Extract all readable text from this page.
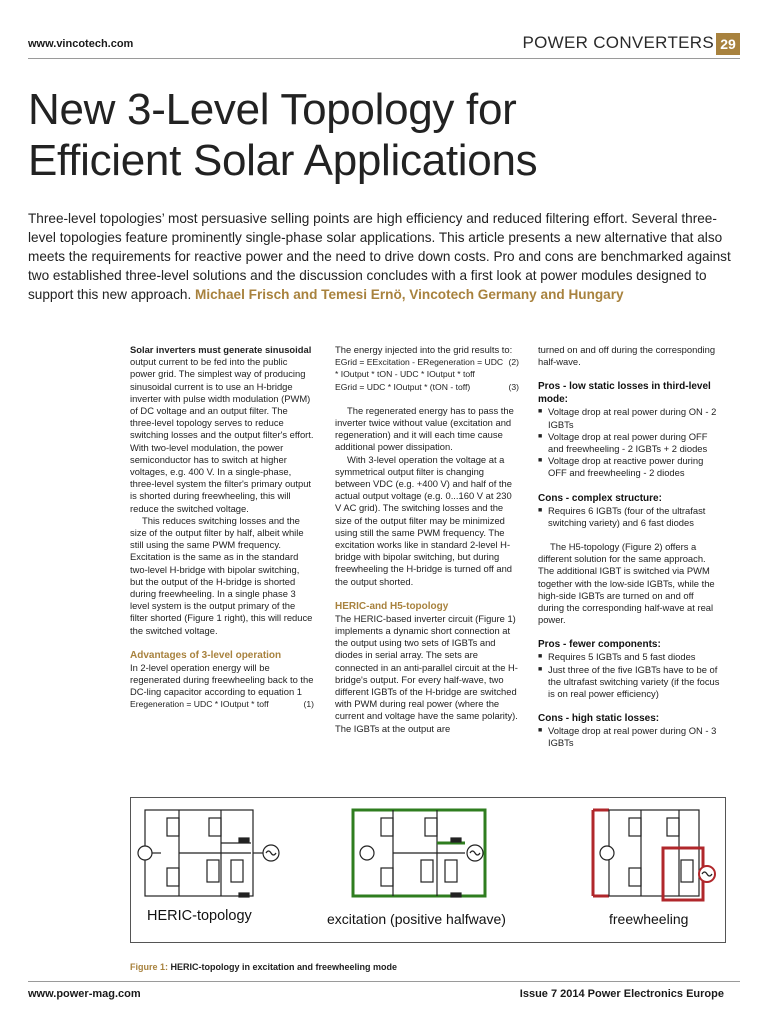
www.vincotech.com	POWER CONVERTERS 29
New 3-Level Topology for
Efficient Solar Applications

Three-level topologies’ most persuasive selling points are high efficiency and reduced filtering effort. Several three-level topologies feature prominently single-phase solar applications. This article presents a new alternative that also meets the requirements for reactive power and the need to drive down costs. Pro and cons are benchmarked against two established three-level solutions and the discussion concludes with a first look at power modules designed to support this new approach. Michael Frisch and Temesi Ernö, Vincotech Germany and Hungary

Solar inverters must generate sinusoidal output current to be fed into the public power grid. The simplest way of producing sinusoidal current is to use an H-bridge inverter with pulse width modulation (PWM) of DC voltage and an output filter. The three-level topology serves to reduce switching losses and the output filter's effort. With two-level modulation, the power semiconductor has to switch at higher voltages, e.g. 400 V. In a single-phase, three-level system the filter's primary output is shorted during freewheeling, this will reduce the switched voltage.

This reduces switching losses and the size of the output filter by half, albeit while still using the same PWM frequency. Excitation is the same as in the standard two-level H-bridge with bipolar switching, but the output of the H-bridge is shorted during freewheeling. In a single phase 3 level system is the output primary of the filter shorted (Figure 1 right), this will reduce the switched voltage.

Advantages of 3-level operation

In 2-level operation energy will be regenerated during freewheeling back to the DC-ling capacitor according to equation 1

Eregeneration = UDC * IOutput * toff	(1)

The energy injected into the grid results to:

EGrid = EExcitation - ERegeneration = UDC * IOutput * tON - UDC * IOutput * toff
(2)
EGrid = UDC * IOutput * (tON - toff)	(3)

The regenerated energy has to pass the inverter twice without value (excitation and regeneration) and it will each time cause additional power dissipation.

With 3-level operation the voltage at a symmetrical output filter is changing between VDC (e.g. +400 V) and half of the actual output voltage (e.g. 0...160 V at 230 V AC grid). The switching losses and the size of the output filter may be minimized using still the same PWM frequency. The excitation works like in standard 2-level H-bridge with bipolar switching, but during freewheeling the H-bridge is turned off and the output shorted.

HERIC-and H5-topology

The HERIC-based inverter circuit (Figure 1) implements a dynamic short connection at the output using two sets of IGBTs and diodes in serial array. The sets are connected in an anti-parallel circuit at the H-bridge's output. For every half-wave, two different IGBTs of the H-bridge are switched with PWM during real power (where the current and voltage have the same polarity). The IGBTs at the output are

turned on and off during the corresponding half-wave.

Pros - low static losses in third-level mode:
■ Voltage drop at real power during ON - 2 IGBTs
■ Voltage drop at real power during OFF and freewheeling - 2 IGBTs + 2 diodes
■ Voltage drop at reactive power during OFF and freewheeling - 2 diodes
Cons - complex structure:
■ Requires 6 IGBTs (four of the ultrafast switching variety) and 6 fast diodes

The H5-topology (Figure 2) offers a different solution for the same approach. The additional IGBT is switched via PWM together with the low-side IGBTs, while the high-side IGBTs are turned on and off during the corresponding half-wave at real power.

Pros - fewer components:
■ Requires 5 IGBTs and 5 fast diodes
■ Just three of the five IGBTs have to be of the ultrafast switching variety (if the focus is on real power efficiency)
Cons - high static losses:
■ Voltage drop at real power during ON - 3 IGBTs
HERIC-topology	excitation (positive halfwave)	freewheeling
Figure 1: HERIC-topology in excitation and freewheeling mode
www.power-mag.com	Issue 7 2014 Power Electronics Europe
